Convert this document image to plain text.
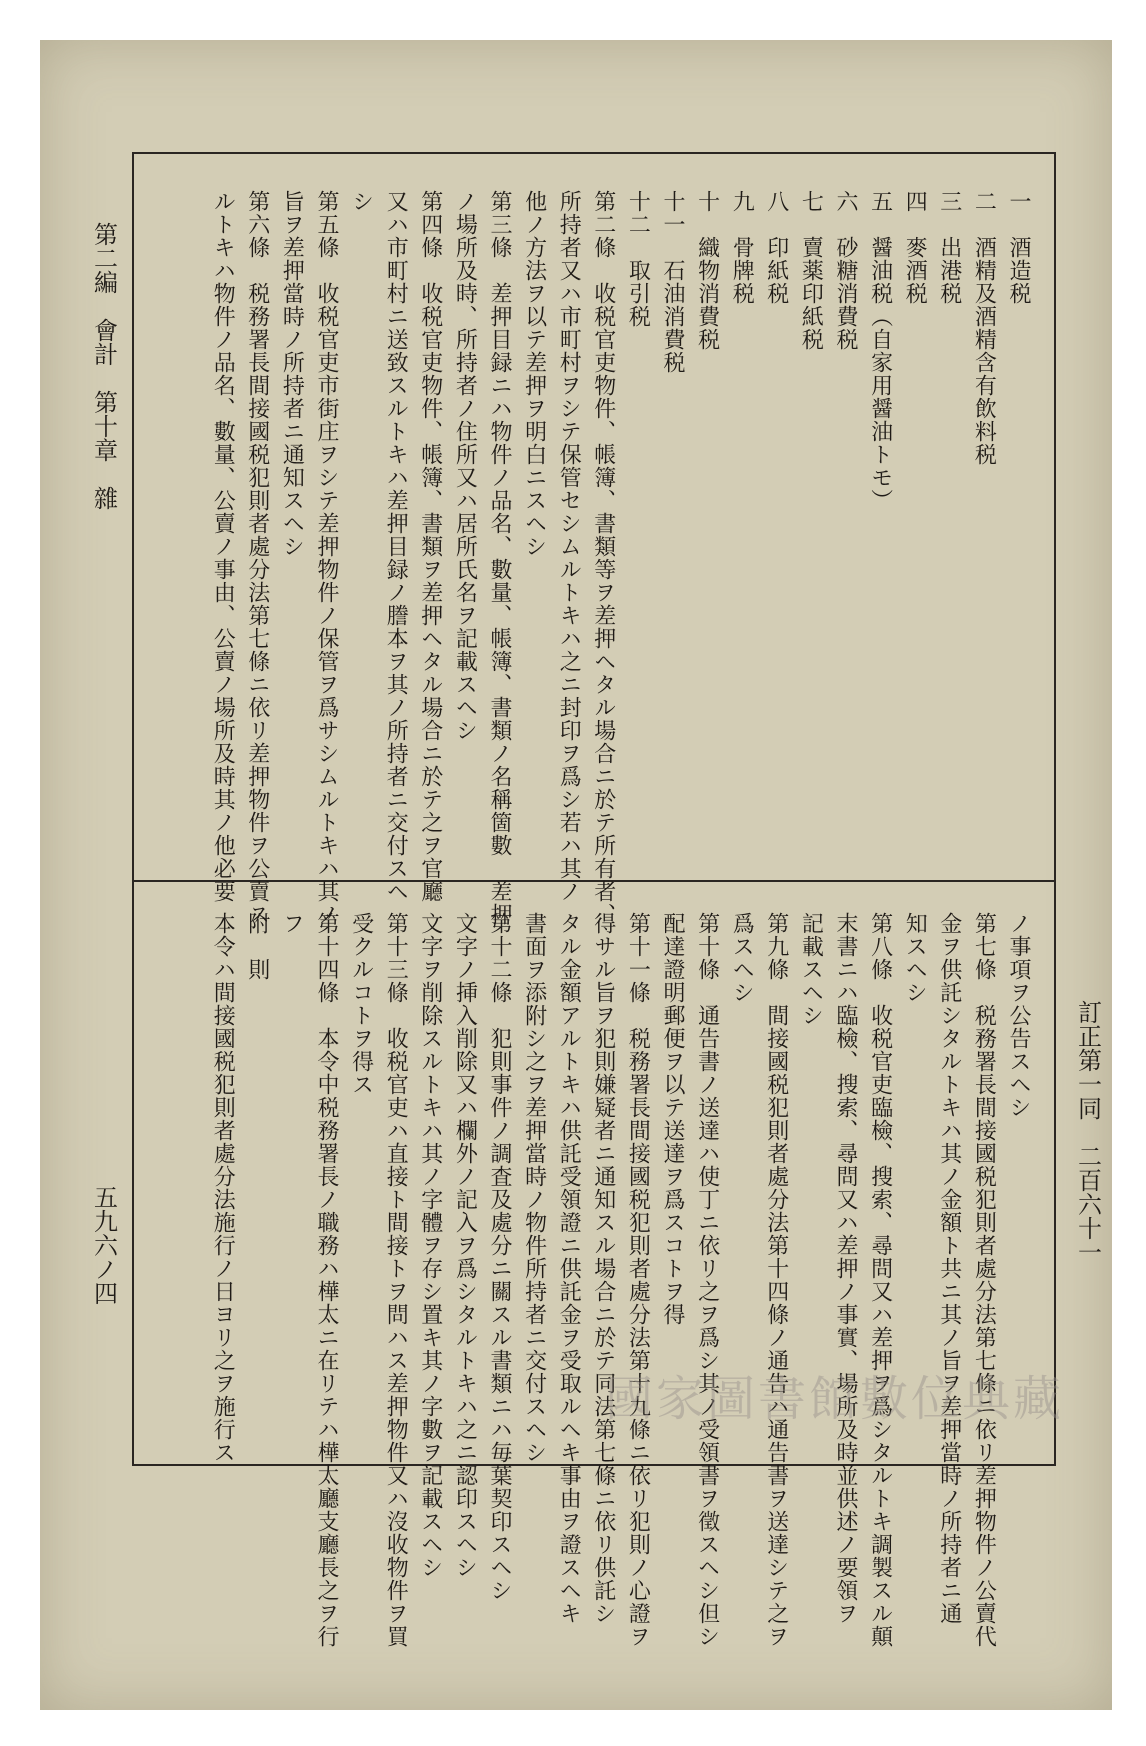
一　酒造税
二　酒精及酒精含有飲料税
三　出港税
四　麥酒税
五　醤油税（自家用醤油トモ）
六　砂糖消費税
七　賣薬印紙税
八　印紙税
九　骨牌税
十　織物消費税
十一　石油消費税
十二　取引税
第二條　收税官吏物件、帳簿、書類等ヲ差押ヘタル場合ニ於テ所有者、
所持者又ハ市町村ヲシテ保管セシムルトキハ之ニ封印ヲ爲シ若ハ其ノ
他ノ方法ヲ以テ差押ヲ明白ニスヘシ
第三條　差押目録ニハ物件ノ品名、數量、帳簿、書類ノ名稱箇數　差押
ノ場所及時、所持者ノ住所又ハ居所氏名ヲ記載スヘシ
第四條　收税官吏物件、帳簿、書類ヲ差押ヘタル場合ニ於テ之ヲ官廳
又ハ市町村ニ送致スルトキハ差押目録ノ謄本ヲ其ノ所持者ニ交付スヘ
シ
第五條　收税官吏市街庄ヲシテ差押物件ノ保管ヲ爲サシムルトキハ其ノ
旨ヲ差押當時ノ所持者ニ通知スヘシ
第六條　税務署長間接國税犯則者處分法第七條ニ依リ差押物件ヲ公賣ス
ルトキハ物件ノ品名、數量、公賣ノ事由、公賣ノ場所及時其ノ他必要
ノ事項ヲ公告スヘシ
第七條　税務署長間接國税犯則者處分法第七條ニ依リ差押物件ノ公賣代
金ヲ供託シタルトキハ其ノ金額ト共ニ其ノ旨ヲ差押當時ノ所持者ニ通
知スヘシ
第八條　收税官吏臨檢、搜索、尋問又ハ差押ヲ爲シタルトキ調製スル顛
末書ニハ臨檢、搜索、尋問又ハ差押ノ事實、場所及時並供述ノ要領ヲ
記載スヘシ
第九條　間接國税犯則者處分法第十四條ノ通告ハ通告書ヲ送達シテ之ヲ
爲スヘシ
第十條　通告書ノ送達ハ使丁ニ依リ之ヲ爲シ其ノ受領書ヲ徵スヘシ但シ
配達證明郵便ヲ以テ送達ヲ爲スコトヲ得
第十一條　税務署長間接國税犯則者處分法第十九條ニ依リ犯則ノ心證ヲ
得サル旨ヲ犯則嫌疑者ニ通知スル場合ニ於テ同法第七條ニ依リ供託シ
タル金額アルトキハ供託受領證ニ供託金ヲ受取ルヘキ事由ヲ證スヘキ
書面ヲ添附シ之ヲ差押當時ノ物件所持者ニ交付スヘシ
第十二條　犯則事件ノ調査及處分ニ關スル書類ニハ毎葉契印スヘシ
文字ノ挿入削除又ハ欄外ノ記入ヲ爲シタルトキハ之ニ認印スヘシ
文字ヲ削除スルトキハ其ノ字體ヲ存シ置キ其ノ字數ヲ記載スヘシ
第十三條　收税官吏ハ直接ト間接トヲ問ハス差押物件又ハ沒收物件ヲ買
受クルコトヲ得ス
第十四條　本令中税務署長ノ職務ハ樺太ニ在リテハ樺太廳支廳長之ヲ行
フ
附　則
本令ハ間接國税犯則者處分法施行ノ日ヨリ之ヲ施行ス	訂正第一同　二百六十一
第二編　會計　第十章　雜
五九六ノ四
國家圖書館數位典藏
